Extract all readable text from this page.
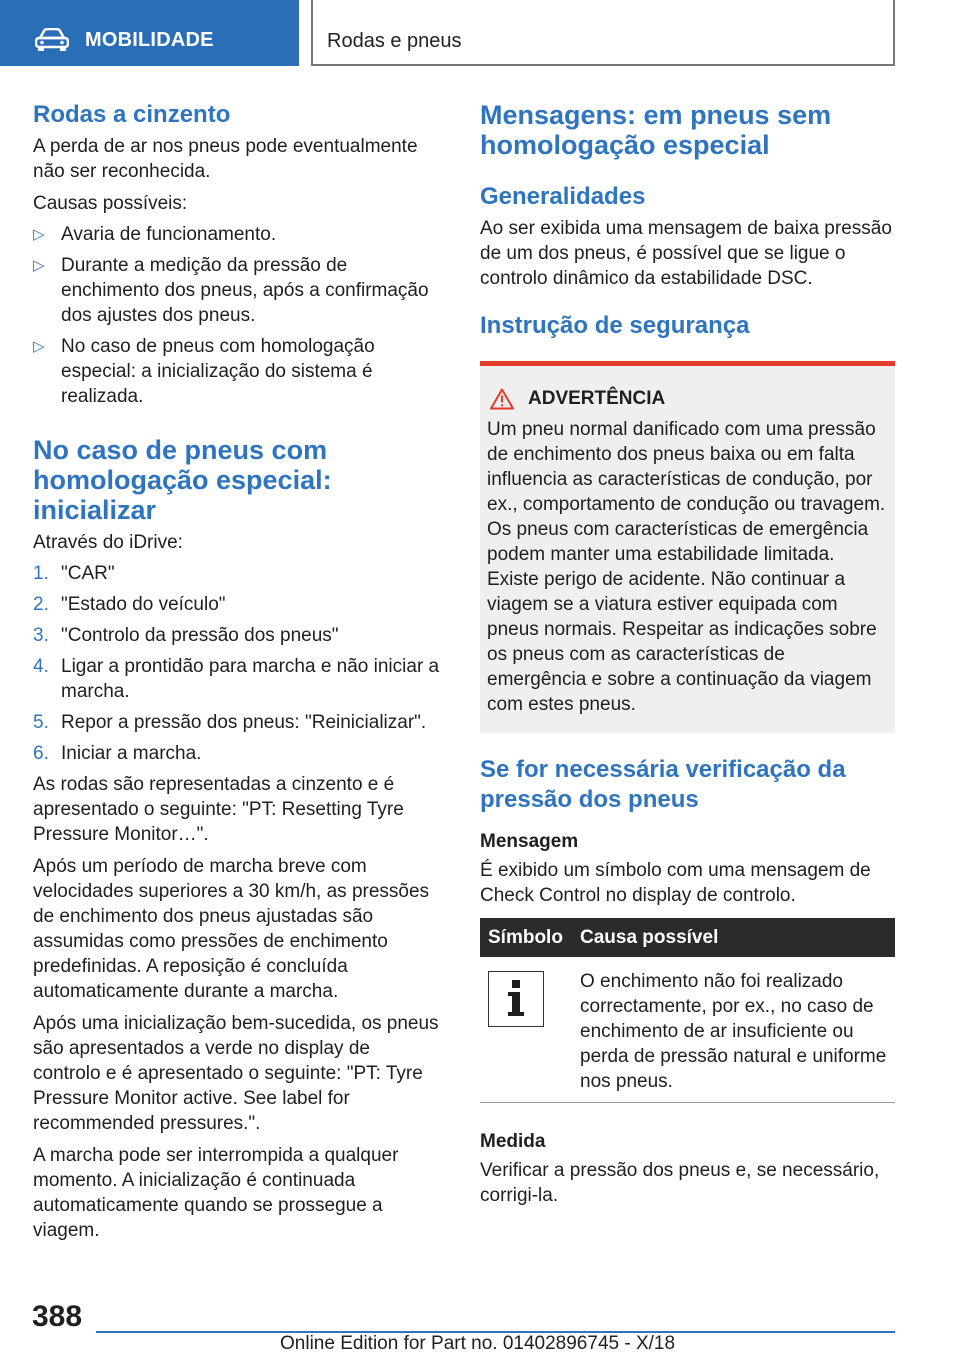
MOBILIDADE	Rodas e pneus
Rodas a cinzento

A perda de ar nos pneus pode eventualmente não ser reconhecida.

Causas possíveis:

▷ Avaria de funcionamento.
▷ Durante a medição da pressão de enchimento dos pneus, após a confirmação dos ajustes dos pneus.
▷ No caso de pneus com homologação especial: a inicialização do sistema é realizada.
No caso de pneus com homologação especial: inicializar

Através do iDrive:

1. "CAR"
2. "Estado do veículo"
3. "Controlo da pressão dos pneus"
4. Ligar a prontidão para marcha e não iniciar a marcha.
5. Repor a pressão dos pneus: "Reinicializar".
6. Iniciar a marcha.

As rodas são representadas a cinzento e é apresentado o seguinte: "PT: Resetting Tyre Pressure Monitor…".

Após um período de marcha breve com velocidades superiores a 30 km/h, as pressões de enchimento dos pneus ajustadas são assumidas como pressões de enchimento predefinidas. A reposição é concluída automaticamente durante a marcha.

Após uma inicialização bem-sucedida, os pneus são apresentados a verde no display de controlo e é apresentado o seguinte: "PT: Tyre Pressure Monitor active. See label for recommended pressures.".

A marcha pode ser interrompida a qualquer momento. A inicialização é continuada automaticamente quando se prossegue a viagem.

Mensagens: em pneus sem homologação especial
Generalidades

Ao ser exibida uma mensagem de baixa pressão de um dos pneus, é possível que se ligue o controlo dinâmico da estabilidade DSC.

Instrução de segurança
ADVERTÊNCIA

Um pneu normal danificado com uma pressão de enchimento dos pneus baixa ou em falta influencia as características de condução, por ex., comportamento de condução ou travagem. Os pneus com características de emergência podem manter uma estabilidade limitada. Existe perigo de acidente. Não continuar a viagem se a viatura estiver equipada com pneus normais. Respeitar as indicações sobre os pneus com as características de emergência e sobre a continuação da viagem com estes pneus.

Se for necessária verificação da pressão dos pneus

Mensagem

É exibido um símbolo com uma mensagem de Check Control no display de controlo.

Símbolo	Causa possível

	O enchimento não foi realizado correctamente, por ex., no caso de enchimento de ar insuficiente ou perda de pressão natural e uniforme nos pneus.

Medida

Verificar a pressão dos pneus e, se necessário, corrigi-la.

388
Online Edition for Part no. 01402896745 - X/18
